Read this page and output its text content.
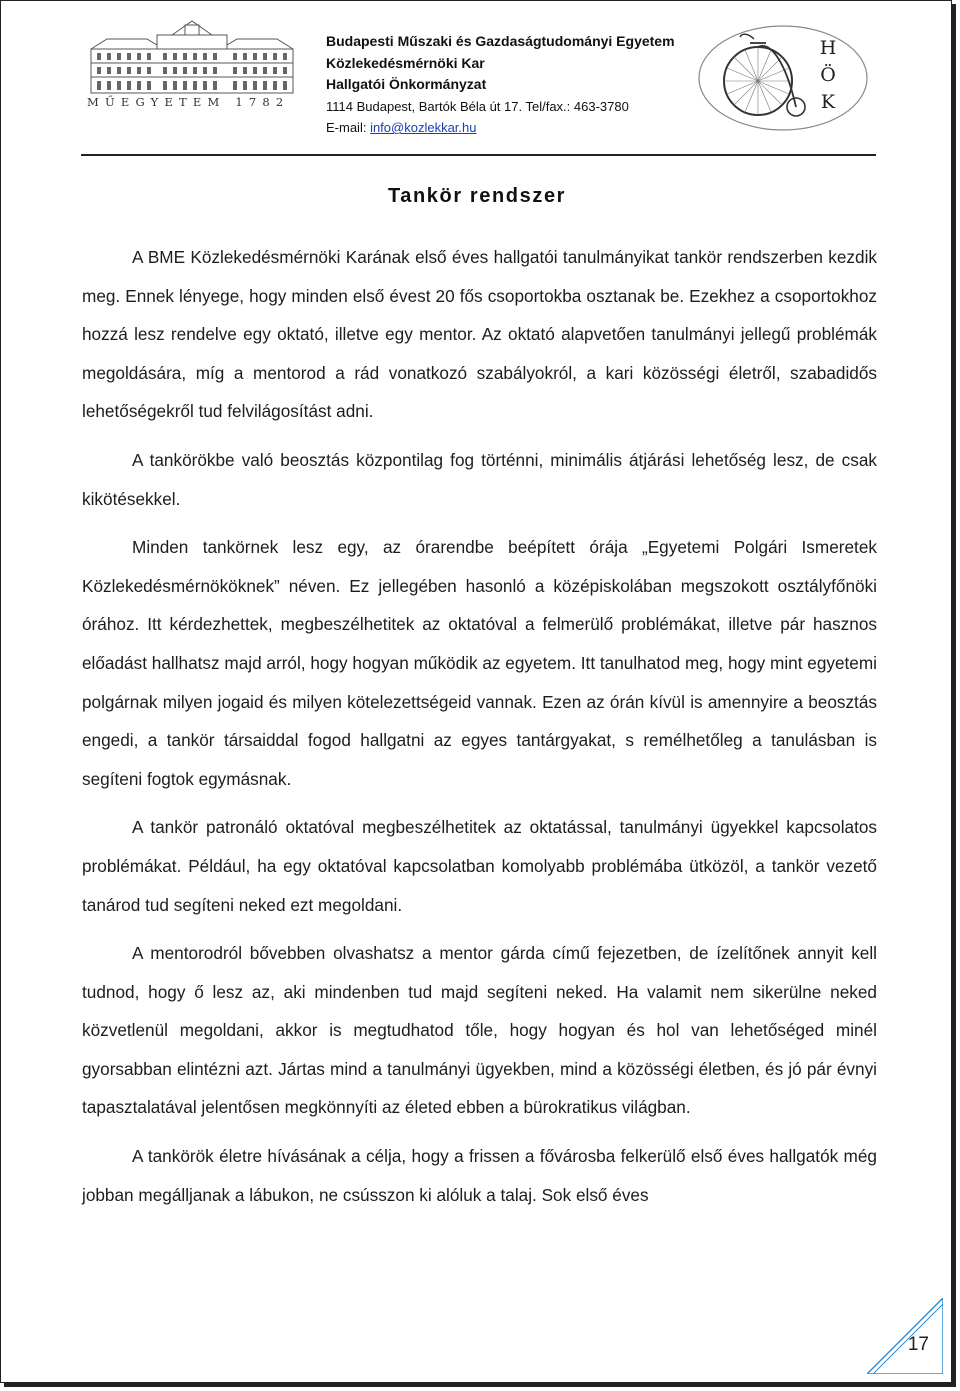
MŰEGYETEM 1782
Budapesti Műszaki és Gazdaságtudományi Egyetem
Közlekedésmérnöki Kar
Hallgatói Önkormányzat
1114 Budapest, Bartók Béla út 17. Tel/fax.: 463-3780
E-mail: info@kozlekkar.hu
H
Ö
K
Tankör rendszer

A BME Közlekedésmérnöki Karának első éves hallgatói tanulmányikat tankör rendszerben kezdik meg. Ennek lényege, hogy minden első évest 20 fős csoportokba osztanak be. Ezekhez a csoportokhoz hozzá lesz rendelve egy oktató, illetve egy mentor. Az oktató alapvetően tanulmányi jellegű problémák megoldására, míg a mentorod a rád vonatkozó szabályokról, a kari közösségi életről, szabadidős lehetőségekről tud felvilágosítást adni.

A tankörökbe való beosztás központilag fog történni, minimális átjárási lehetőség lesz, de csak kikötésekkel.

Minden tankörnek lesz egy, az órarendbe beépített órája „Egyetemi Polgári Ismeretek Közlekedésmérnököknek” néven. Ez jellegében hasonló a középiskolában megszokott osztályfőnöki órához. Itt kérdezhettek, megbeszélhetitek az oktatóval a felmerülő problémákat, illetve pár hasznos előadást hallhatsz majd arról, hogy hogyan működik az egyetem. Itt tanulhatod meg, hogy mint egyetemi polgárnak milyen jogaid és milyen kötelezettségeid vannak. Ezen az órán kívül is amennyire a beosztás engedi, a tankör társaiddal fogod hallgatni az egyes tantárgyakat, s remélhetőleg a tanulásban is segíteni fogtok egymásnak.

A tankör patronáló oktatóval megbeszélhetitek az oktatással, tanulmányi ügyekkel kapcsolatos problémákat. Például, ha egy oktatóval kapcsolatban komolyabb problémába ütközöl, a tankör vezető tanárod tud segíteni neked ezt megoldani.

A mentorodról bővebben olvashatsz a mentor gárda című fejezetben, de ízelítőnek annyit kell tudnod, hogy ő lesz az, aki mindenben tud majd segíteni neked. Ha valamit nem sikerülne neked közvetlenül megoldani, akkor is megtudhatod tőle, hogy hogyan és hol van lehetőséged minél gyorsabban elintézni azt. Jártas mind a tanulmányi ügyekben, mind a közösségi életben, és jó pár évnyi tapasztalatával jelentősen megkönnyíti az életed ebben a bürokratikus világban.

A tankörök életre hívásának a célja, hogy a frissen a fővárosba felkerülő első éves hallgatók még jobban megálljanak a lábukon, ne csússzon ki alóluk a talaj. Sok első éves

17
